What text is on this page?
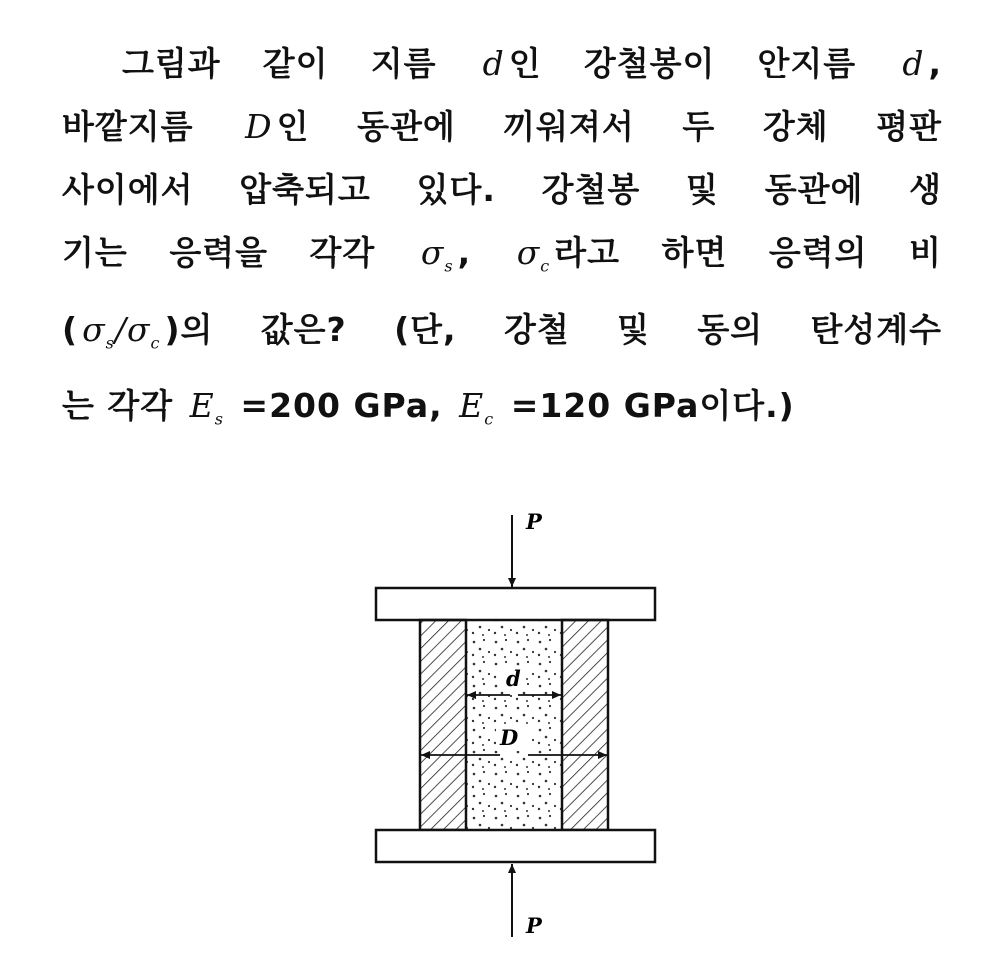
그림과 같이 지름 d 인 강철봉이 안지름 d ,
바깥지름 D 인 동관에 끼워져서 두 강체 평판
사이에서 압축되고 있다. 강철봉 및 동관에 생
기는 응력을 각각 $\sigma_s$ , $\sigma_c$ 라고 하면 응력의 비
( $\sigma_s/\sigma_c$ )의 값은? (단, 강철 및 동의 탄성계수
는 각각 $E_s =200$ GPa, $E_c =120$ GPa이다.)
P
d
D
P
